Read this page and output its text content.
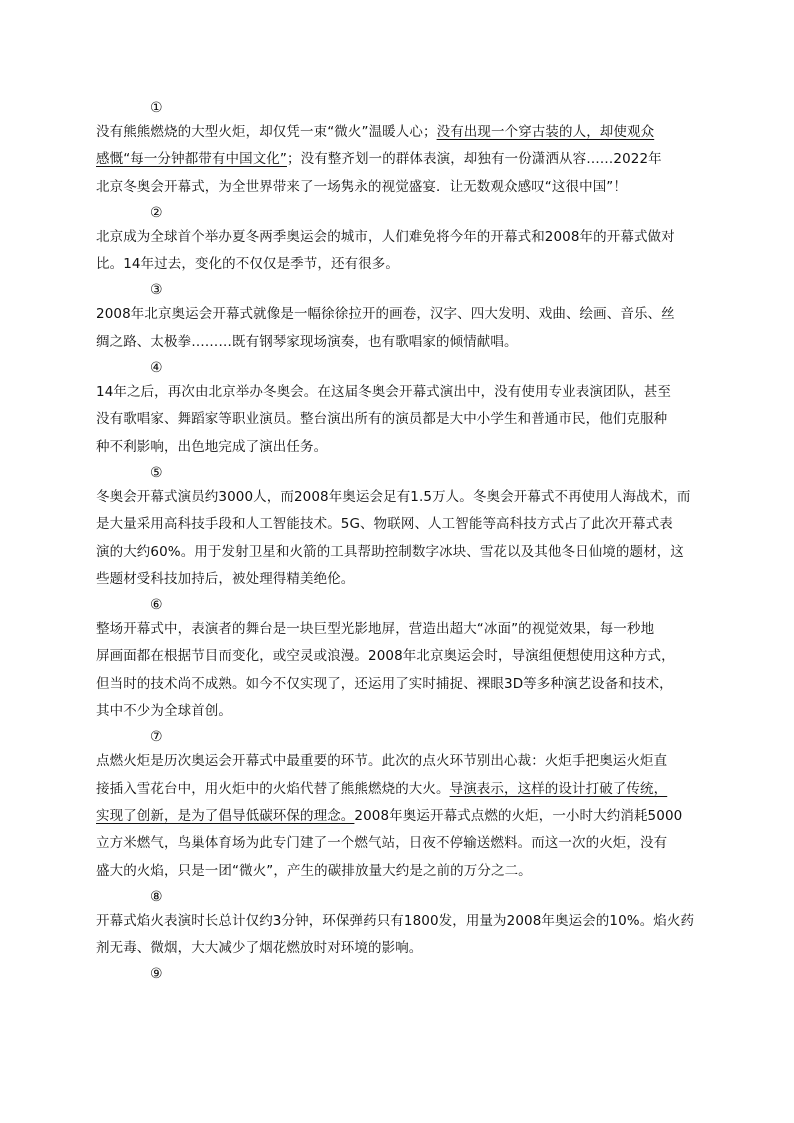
①
没有熊熊燃烧的大型火炬，却仅凭一束“微火”温暖人心；没有出现一个穿古装的人，却使观众
感慨“每一分钟都带有中国文化”；没有整齐划一的群体表演，却独有一份潇洒从容……2022年
北京冬奥会开幕式，为全世界带来了一场隽永的视觉盛宴．让无数观众感叹“这很中国”！
②
北京成为全球首个举办夏冬两季奥运会的城市，人们难免将今年的开幕式和2008年的开幕式做对
比。14年过去，变化的不仅仅是季节，还有很多。
③
2008年北京奥运会开幕式就像是一幅徐徐拉开的画卷，汉字、四大发明、戏曲、绘画、音乐、丝
绸之路、太极拳………既有钢琴家现场演奏，也有歌唱家的倾情献唱。
④
14年之后，再次由北京举办冬奥会。在这届冬奥会开幕式演出中，没有使用专业表演团队，甚至
没有歌唱家、舞蹈家等职业演员。整台演出所有的演员都是大中小学生和普通市民，他们克服种
种不利影响，出色地完成了演出任务。
⑤
冬奥会开幕式演员约3000人，而2008年奥运会足有1.5万人。冬奥会开幕式不再使用人海战术，而
是大量采用高科技手段和人工智能技术。5G、物联网、人工智能等高科技方式占了此次开幕式表
演的大约60%。用于发射卫星和火箭的工具帮助控制数字冰块、雪花以及其他冬日仙境的题材，这
些题材受科技加持后，被处理得精美绝伦。
⑥
整场开幕式中，表演者的舞台是一块巨型光影地屏，营造出超大“冰面”的视觉效果，每一秒地
屏画面都在根据节目而变化，或空灵或浪漫。2008年北京奥运会时，导演组便想使用这种方式，
但当时的技术尚不成熟。如今不仅实现了，还运用了实时捕捉、裸眼3D等多种演艺设备和技术，
其中不少为全球首创。
⑦
点燃火炬是历次奥运会开幕式中最重要的环节。此次的点火环节别出心裁：火炬手把奥运火炬直
接插入雪花台中，用火炬中的火焰代替了熊熊燃烧的大火。导演表示，这样的设计打破了传统，
实现了创新，是为了倡导低碳环保的理念。2008年奥运开幕式点燃的火炬，一小时大约消耗5000
立方米燃气，鸟巢体育场为此专门建了一个燃气站，日夜不停输送燃料。而这一次的火炬，没有
盛大的火焰，只是一团“微火”，产生的碳排放量大约是之前的万分之二。
⑧
开幕式焰火表演时长总计仅约3分钟，环保弹药只有1800发，用量为2008年奥运会的10%。焰火药
剂无毒、微烟，大大减少了烟花燃放时对环境的影响。
⑨
